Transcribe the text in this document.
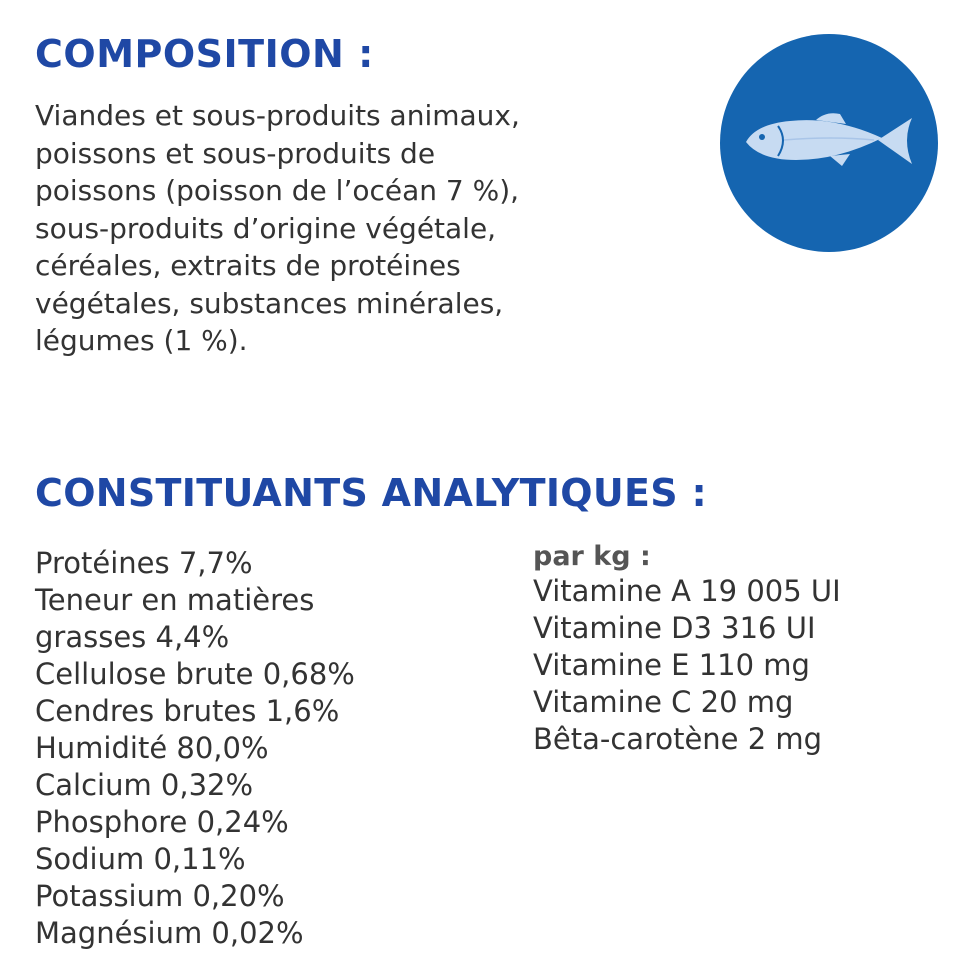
COMPOSITION :

Viandes et sous-produits animaux,
poissons et sous-produits de
poissons (poisson de l’océan 7 %),
sous-produits d’origine végétale,
céréales, extraits de protéines
végétales, substances minérales,
légumes (1 %).

CONSTITUANTS ANALYTIQUES :
Protéines 7,7%
Teneur en matières
grasses 4,4%
Cellulose brute 0,68%
Cendres brutes 1,6%
Humidité 80,0%
Calcium 0,32%
Phosphore 0,24%
Sodium 0,11%
Potassium 0,20%
Magnésium 0,02%
par kg :
Vitamine A 19 005 UI
Vitamine D3 316 UI
Vitamine E 110 mg
Vitamine C 20 mg
Bêta-carotène 2 mg
